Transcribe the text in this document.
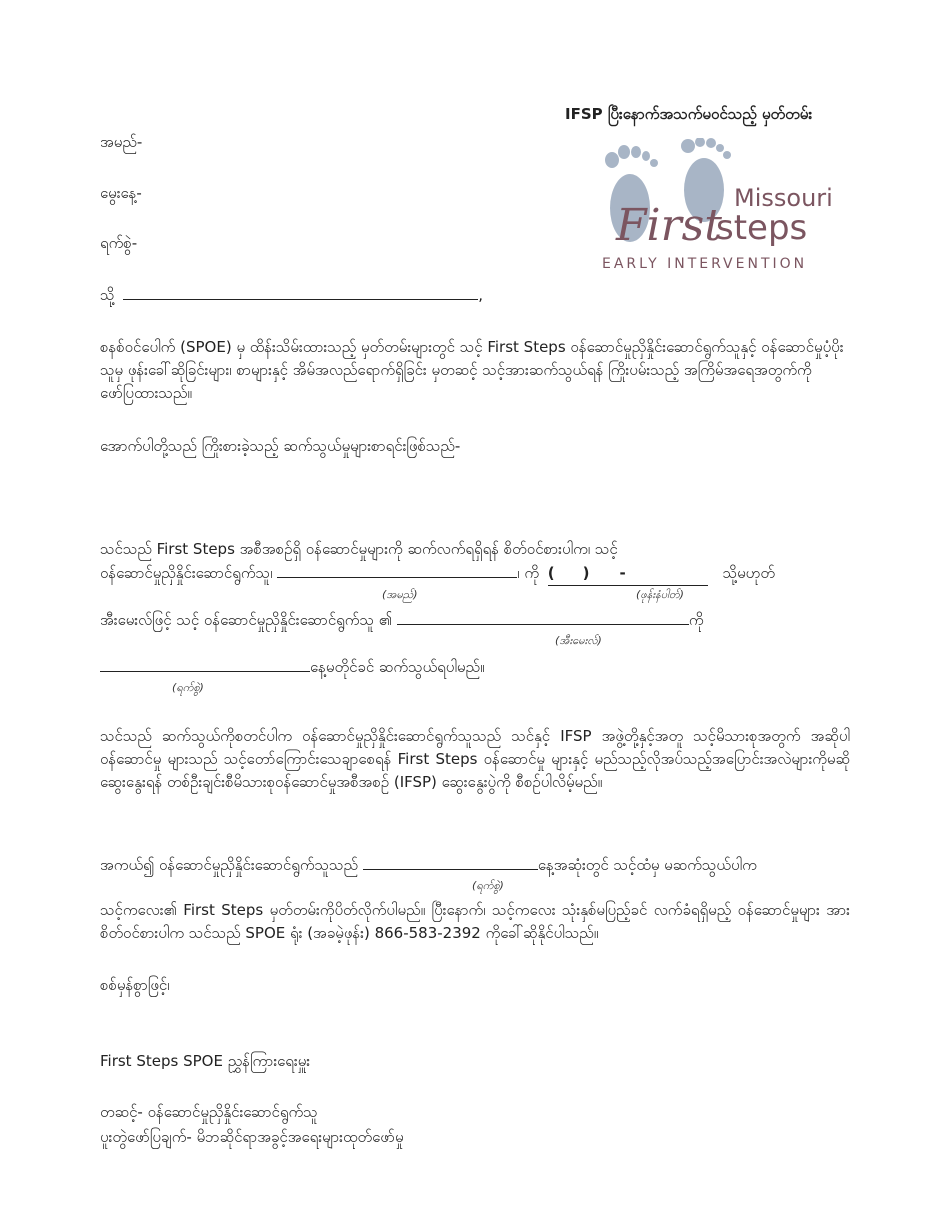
IFSP ပြီးနောက်အသက်မဝင်သည့် မှတ်တမ်း
Missouri
First
steps
EARLY INTERVENTION
အမည်-
မွေးနေ့-
ရက်စွဲ-
သို့	,
စနစ်ဝင်ပေါက် (SPOE) မှ ထိန်းသိမ်းထားသည့် မှတ်တမ်းများတွင် သင့် First Steps ဝန်ဆောင်မှုညှိနှိုင်းဆောင်ရွက်သူနှင့် ဝန်ဆောင်မှုပံ့ပိုးသူမှ ဖုန်းခေါ်ဆိုခြင်းများ၊ စာများနှင့် အိမ်အလည်ရောက်ရှိခြင်း မှတဆင့် သင့်အားဆက်သွယ်ရန် ကြိုးပမ်းသည့် အကြိမ်အရေအတွက်ကို ဖော်ပြထားသည်။
အောက်ပါတို့သည် ကြိုးစားခဲ့သည့် ဆက်သွယ်မှုများစာရင်းဖြစ်သည်-
သင်သည် First Steps အစီအစဉ်ရှိ ဝန်ဆောင်မှုများကို ဆက်လက်ရရှိရန် စိတ်ဝင်စားပါက၊ သင့်
ဝန်ဆောင်မှုညှိနှိုင်းဆောင်ရွက်သူ၊	၊ ကို ( ) -	သို့မဟုတ်
(အမည်)	(ဖုန်းနံပါတ်)
အီးမေးလ်ဖြင့် သင့် ဝန်ဆောင်မှုညှိနှိုင်းဆောင်ရွက်သူ ၏	ကို
(အီးမေးလ်)
နေ့မတိုင်ခင် ဆက်သွယ်ရပါမည်။
(ရက်စွဲ)
သင်သည် ဆက်သွယ်ကိုစတင်ပါက ဝန်ဆောင်မှုညှိနှိုင်းဆောင်ရွက်သူသည် သင်နှင့် IFSP အဖွဲ့တို့နှင့်အတူ သင့်မိသားစုအတွက် အဆိုပါဝန်ဆောင်မှု များသည် သင့်တော်ကြောင်းသေချာစေရန် First Steps ဝန်ဆောင်မှု များနှင့် မည်သည့်လိုအပ်သည့်အပြောင်းအလဲများကိုမဆို ဆွေးနွေးရန် တစ်ဦးချင်းစီမိသားစုဝန်ဆောင်မှုအစီအစဉ် (IFSP) ဆွေးနွေးပွဲကို စီစဉ်ပါလိမ့်မည်။
အကယ်၍ ဝန်ဆောင်မှုညှိနှိုင်းဆောင်ရွက်သူသည်	နေ့အဆုံးတွင် သင့်ထံမှ မဆက်သွယ်ပါက
(ရက်စွဲ)
သင့်ကလေး၏ First Steps မှတ်တမ်းကိုပိတ်လိုက်ပါမည်။ ပြီးနောက်၊ သင့်ကလေး သုံးနှစ်မပြည့်ခင် လက်ခံရရှိမည့် ဝန်ဆောင်မှုများ အား စိတ်ဝင်စားပါက သင်သည် SPOE ရုံး (အခမဲ့ဖုန်း) 866-583-2392 ကိုခေါ်ဆိုနိုင်ပါသည်။
စစ်မှန်စွာဖြင့်၊
First Steps SPOE ညွှန်ကြားရေးမှူး
တဆင့်- ဝန်ဆောင်မှုညှိနှိုင်းဆောင်ရွက်သူ
ပူးတွဲဖော်ပြချက်- မိဘဆိုင်ရာအခွင့်အရေးများထုတ်ဖော်မှု
